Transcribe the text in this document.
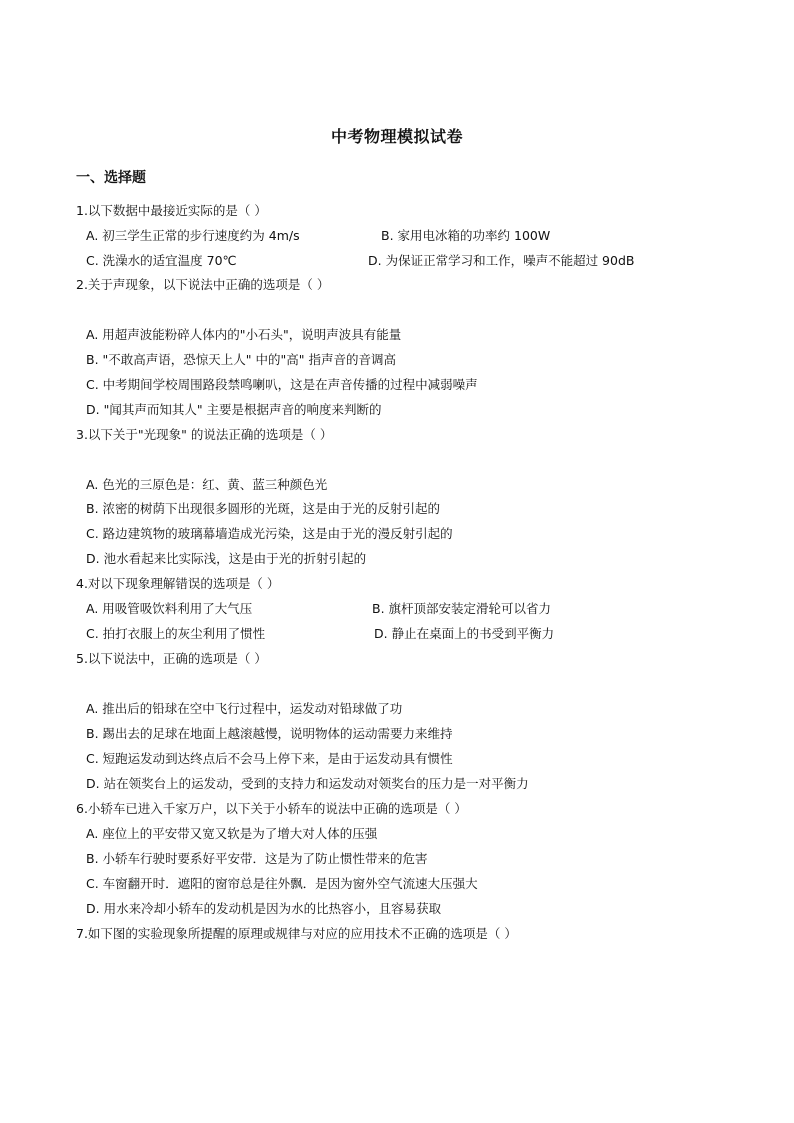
中考物理模拟试卷
一、选择题
1.以下数据中最接近实际的是（ ）
A. 初三学生正常的步行速度约为 4m/s	B. 家用电冰箱的功率约 100W
C. 洗澡水的适宜温度 70℃	D. 为保证正常学习和工作，噪声不能超过 90dB
2.关于声现象，以下说法中正确的选项是（ ）
A. 用超声波能粉碎人体内的"小石头"，说明声波具有能量
B. "不敢高声语，恐惊天上人" 中的"高" 指声音的音调高
C. 中考期间学校周围路段禁鸣喇叭，这是在声音传播的过程中减弱噪声
D. "闻其声而知其人" 主要是根据声音的响度来判断的
3.以下关于"光现象" 的说法正确的选项是（ ）
A. 色光的三原色是：红、黄、蓝三种颜色光
B. 浓密的树荫下出现很多圆形的光斑，这是由于光的反射引起的
C. 路边建筑物的玻璃幕墙造成光污染，这是由于光的漫反射引起的
D. 池水看起来比实际浅，这是由于光的折射引起的
4.对以下现象理解错误的选项是（ ）
A. 用吸管吸饮料利用了大气压	B. 旗杆顶部安装定滑轮可以省力
C. 拍打衣服上的灰尘利用了惯性	D. 静止在桌面上的书受到平衡力
5.以下说法中，正确的选项是（ ）
A. 推出后的铅球在空中飞行过程中，运发动对铅球做了功
B. 踢出去的足球在地面上越滚越慢，说明物体的运动需要力来维持
C. 短跑运发动到达终点后不会马上停下来，是由于运发动具有惯性
D. 站在领奖台上的运发动，受到的支持力和运发动对领奖台的压力是一对平衡力
6.小轿车已进入千家万户，以下关于小轿车的说法中正确的选项是（ ）
A. 座位上的平安带又宽又软是为了增大对人体的压强
B. 小轿车行驶时要系好平安带．这是为了防止惯性带来的危害
C. 车窗翻开时．遮阳的窗帘总是往外飘．是因为窗外空气流速大压强大
D. 用水来冷却小轿车的发动机是因为水的比热容小，且容易获取
7.如下图的实验现象所提醒的原理或规律与对应的应用技术不正确的选项是（ ）
